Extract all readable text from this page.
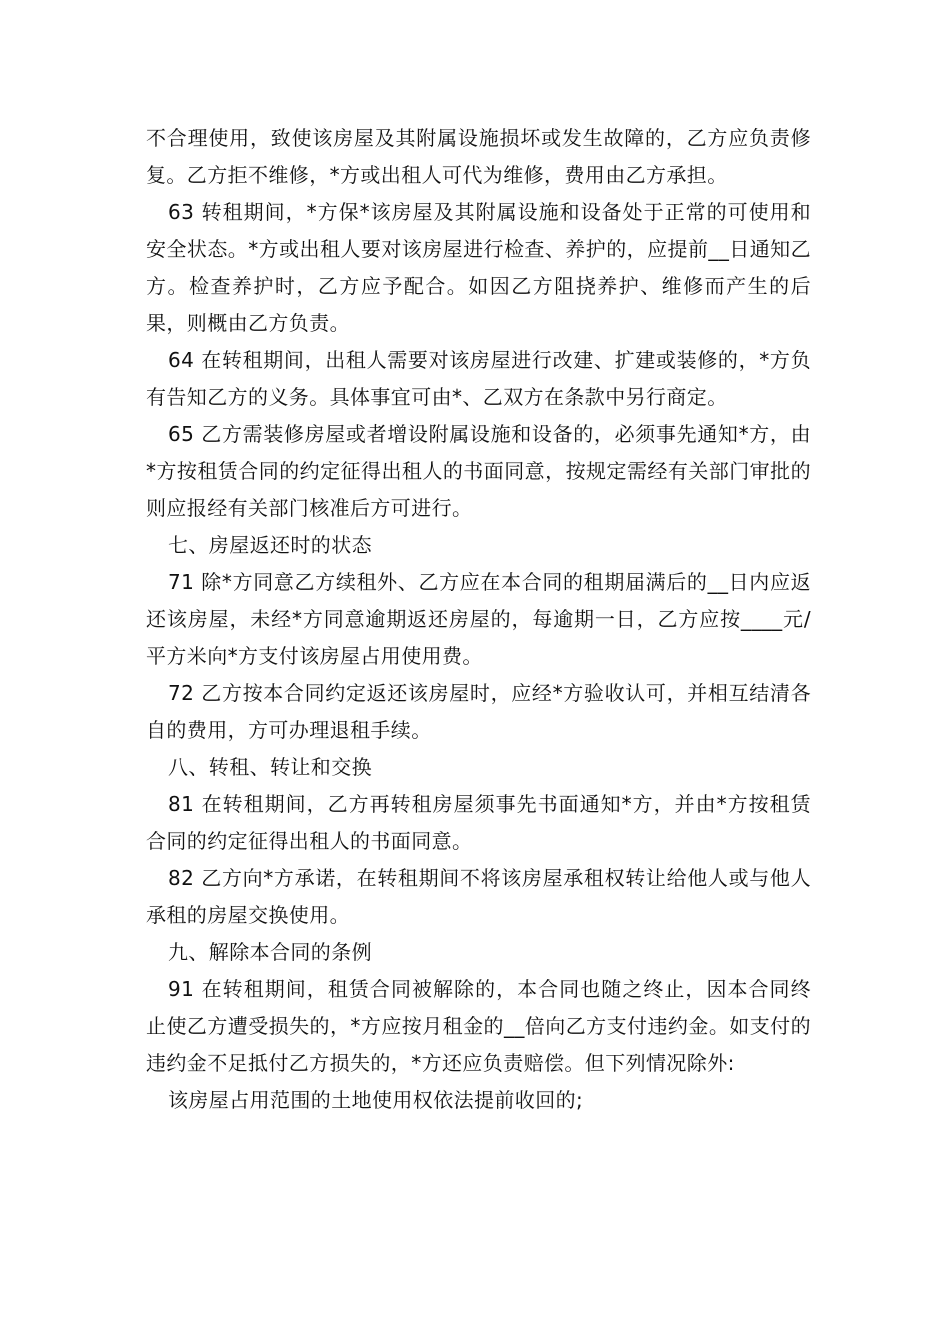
不合理使用，致使该房屋及其附属设施损坏或发生故障的，乙方应负责修复。乙方拒不维修，*方或出租人可代为维修，费用由乙方承担。

63 转租期间，*方保*该房屋及其附属设施和设备处于正常的可使用和安全状态。*方或出租人要对该房屋进行检查、养护的，应提前__日通知乙方。检查养护时，乙方应予配合。如因乙方阻挠养护、维修而产生的后果，则概由乙方负责。

64 在转租期间，出租人需要对该房屋进行改建、扩建或装修的，*方负有告知乙方的义务。具体事宜可由*、乙双方在条款中另行商定。

65 乙方需装修房屋或者增设附属设施和设备的，必须事先通知*方，由*方按租赁合同的约定征得出租人的书面同意，按规定需经有关部门审批的则应报经有关部门核准后方可进行。

七、房屋返还时的状态

71 除*方同意乙方续租外、乙方应在本合同的租期届满后的__日内应返还该房屋，未经*方同意逾期返还房屋的，每逾期一日，乙方应按____元/平方米向*方支付该房屋占用使用费。

72 乙方按本合同约定返还该房屋时，应经*方验收认可，并相互结清各自的费用，方可办理退租手续。

八、转租、转让和交换

81 在转租期间，乙方再转租房屋须事先书面通知*方，并由*方按租赁合同的约定征得出租人的书面同意。

82 乙方向*方承诺，在转租期间不将该房屋承租权转让给他人或与他人承租的房屋交换使用。

九、解除本合同的条例

91 在转租期间，租赁合同被解除的，本合同也随之终止，因本合同终止使乙方遭受损失的，*方应按月租金的__倍向乙方支付违约金。如支付的违约金不足抵付乙方损失的，*方还应负责赔偿。但下列情况除外:

该房屋占用范围的土地使用权依法提前收回的;
